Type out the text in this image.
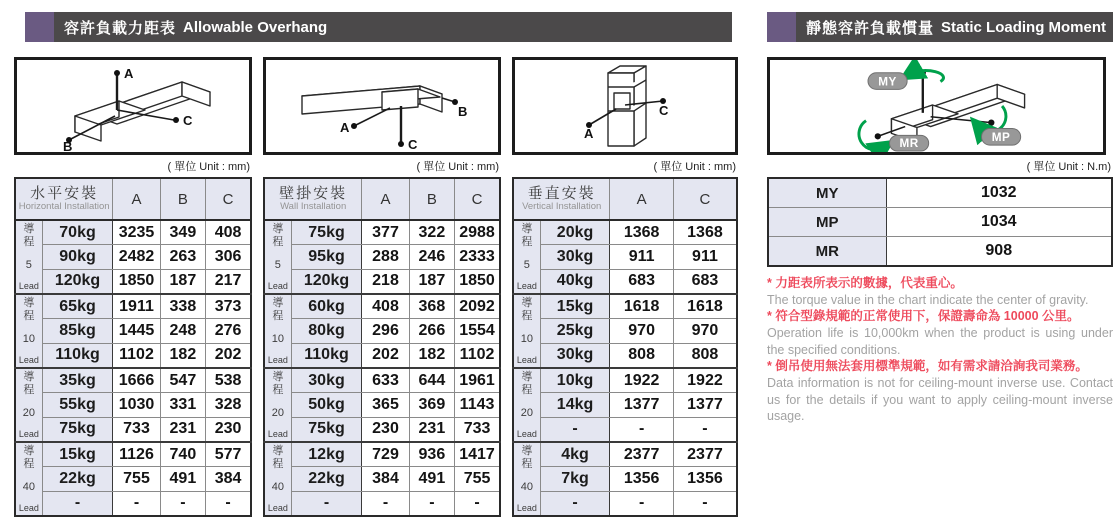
容許負載力距表 Allowable Overhang
A
B
C	A
B
C
A
C
( 單位 Unit : mm)
水平安裝
Horizontal Installation		A	B	C

導程
5
Lead	70kg	3235	349	408
	90kg	2482	263	306
	120kg	1850	187	217

導程
10
Lead	65kg	1911	338	373
	85kg	1445	248	276
	110kg	1102	182	202

導程
20
Lead	35kg	1666	547	538
	55kg	1030	331	328
	75kg	733	231	230

導程
40
Lead	15kg	1126	740	577
	22kg	755	491	384
	-	-	-	-
( 單位 Unit : mm)
壁掛安裝
Wall Installation		A	B	C

導程
5
Lead	75kg	377	322	2988
	95kg	288	246	2333
	120kg	218	187	1850

導程
10
Lead	60kg	408	368	2092
	80kg	296	266	1554
	110kg	202	182	1102

導程
20
Lead	30kg	633	644	1961
	50kg	365	369	1143
	75kg	230	231	733

導程
40
Lead	12kg	729	936	1417
	22kg	384	491	755
	-	-	-	-
( 單位 Unit : mm)
垂直安裝
Vertical Installation		A	C

導程
5
Lead	20kg	1368	1368
	30kg	911	911
	40kg	683	683

導程
10
Lead	15kg	1618	1618
	25kg	970	970
	30kg	808	808

導程
20
Lead	10kg	1922	1922
	14kg	1377	1377
	-	-	-

導程
40
Lead	4kg	2377	2377
	7kg	1356	1356
	-	-	-
靜態容許負載慣量 Static Loading Moment
MY
MP
MR
( 單位 Unit : N.m)
MY	1032
MP	1034
MR	908
* 力距表所表示的數據，代表重心。
The torque value in the chart indicate the center of gravity.
* 符合型錄規範的正常使用下，保證壽命為 10000 公里。
Operation life is 10,000km when the product is using under the specified conditions.
* 倒吊使用無法套用標準規範，如有需求請洽詢我司業務。
Data information is not for ceiling-mount inverse use. Contact us for the details if you want to apply ceiling-mount inverse usage.
